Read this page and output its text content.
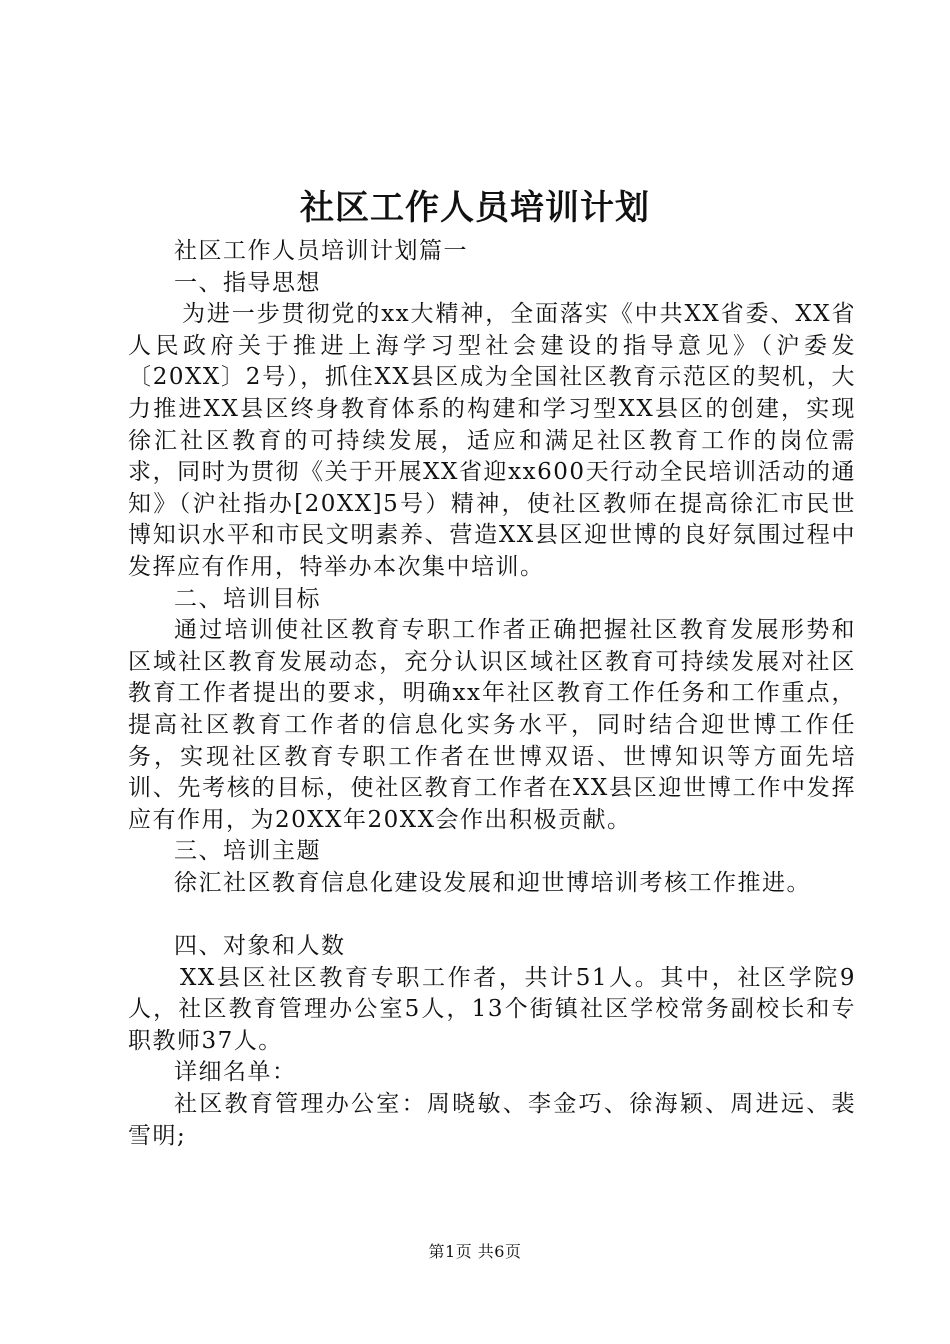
社区工作人员培训计划

社区工作人员培训计划篇一

一、指导思想

为进一步贯彻党的xx大精神，全面落实《中共XX省委、XX省人民政府关于推进上海学习型社会建设的指导意见》（沪委发〔20XX〕2号），抓住XX县区成为全国社区教育示范区的契机，大力推进XX县区终身教育体系的构建和学习型XX县区的创建，实现徐汇社区教育的可持续发展，适应和满足社区教育工作的岗位需求，同时为贯彻《关于开展XX省迎xx600天行动全民培训活动的通知》（沪社指办[20XX]5号）精神，使社区教师在提高徐汇市民世博知识水平和市民文明素养、营造XX县区迎世博的良好氛围过程中发挥应有作用，特举办本次集中培训。

二、培训目标

通过培训使社区教育专职工作者正确把握社区教育发展形势和区域社区教育发展动态，充分认识区域社区教育可持续发展对社区教育工作者提出的要求，明确xx年社区教育工作任务和工作重点，提高社区教育工作者的信息化实务水平，同时结合迎世博工作任务，实现社区教育专职工作者在世博双语、世博知识等方面先培训、先考核的目标，使社区教育工作者在XX县区迎世博工作中发挥应有作用，为20XX年20XX会作出积极贡献。

三、培训主题

徐汇社区教育信息化建设发展和迎世博培训考核工作推进。

四、对象和人数

XX县区社区教育专职工作者，共计51人。其中，社区学院9人，社区教育管理办公室5人，13个街镇社区学校常务副校长和专职教师37人。

详细名单：

社区教育管理办公室：周晓敏、李金巧、徐海颖、周进远、裴雪明;

第1页 共6页
